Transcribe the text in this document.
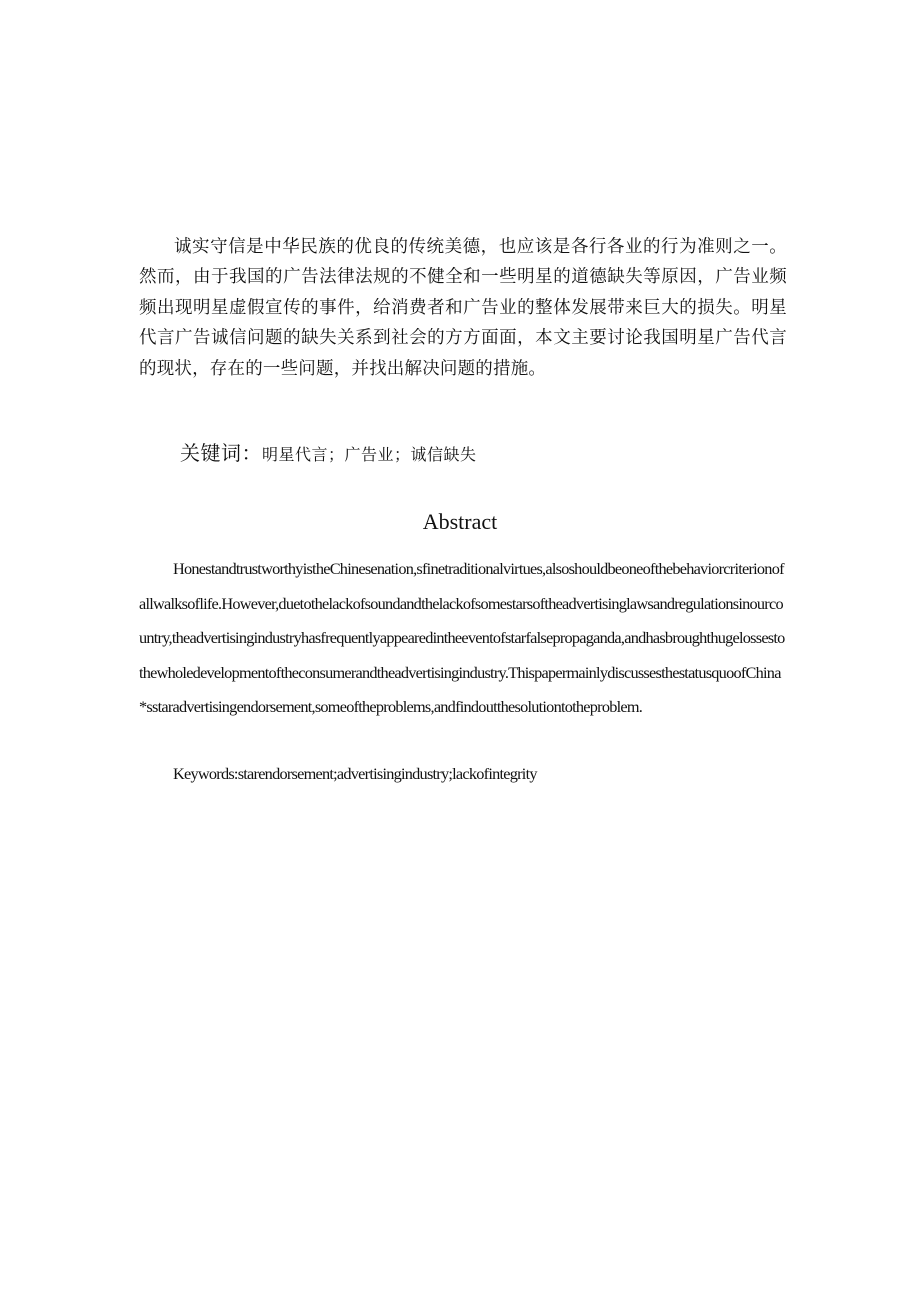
诚实守信是中华民族的优良的传统美德，也应该是各行各业的行为准则之一。然而，由于我国的广告法律法规的不健全和一些明星的道德缺失等原因，广告业频频出现明星虚假宣传的事件，给消费者和广告业的整体发展带来巨大的损失。明星代言广告诚信问题的缺失关系到社会的方方面面，本文主要讨论我国明星广告代言的现状，存在的一些问题，并找出解决问题的措施。

关键词：明星代言；广告业；诚信缺失
Abstract

HonestandtrustworthyistheChinesenation,sfinetraditionalvirtues,alsoshouldbeoneofthebehaviorcriterionofallwalksoflife.However,duetothelackofsoundandthelackofsomestarsoftheadvertisinglawsandregulationsinourcountry,theadvertisingindustryhasfrequentlyappearedintheeventofstarfalsepropaganda,andhasbroughthugelossestothewholedevelopmentoftheconsumerandtheadvertisingindustry.ThispapermainlydiscussesthestatusquoofChina*sstaradvertisingendorsement,someoftheproblems,andfindoutthesolutiontotheproblem.

Keywords:starendorsement;advertisingindustry;lackofintegrity
